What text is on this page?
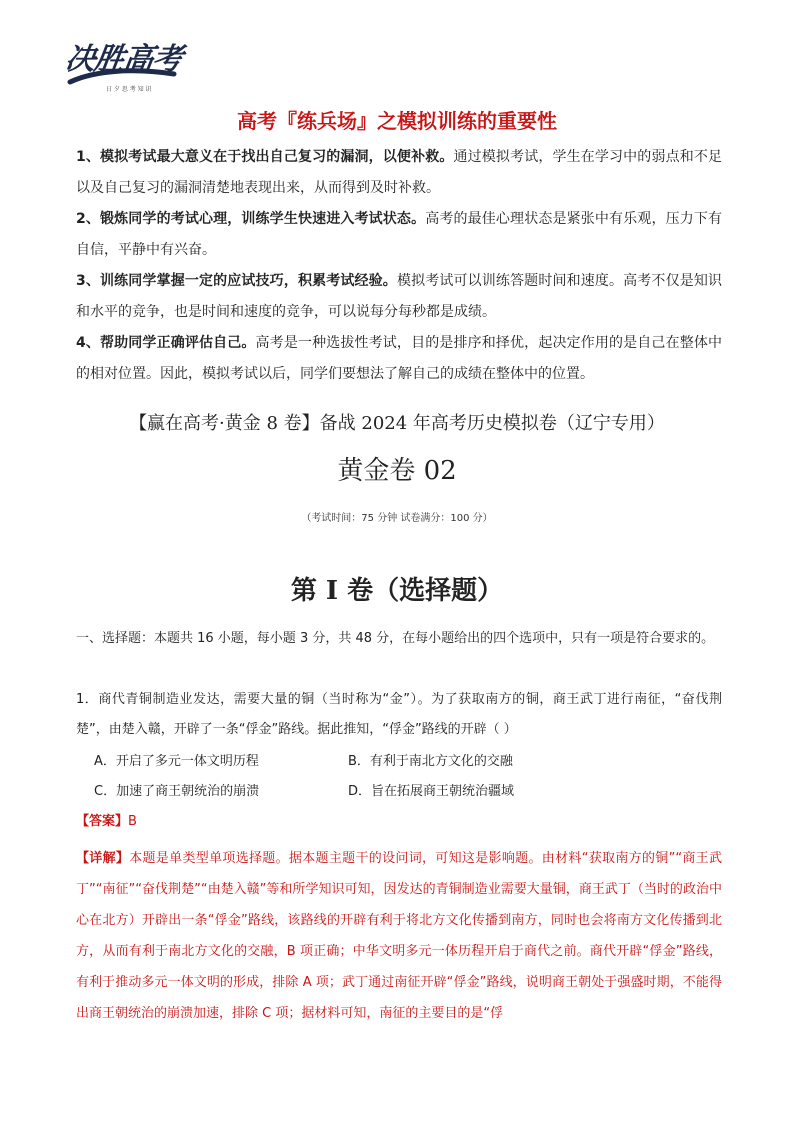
决胜高考
日 夕 思 考 知 识
高考『练兵场』之模拟训练的重要性

1、模拟考试最大意义在于找出自己复习的漏洞，以便补救。通过模拟考试，学生在学习中的弱点和不足以及自己复习的漏洞清楚地表现出来，从而得到及时补救。

2、锻炼同学的考试心理，训练学生快速进入考试状态。高考的最佳心理状态是紧张中有乐观，压力下有自信，平静中有兴奋。

3、训练同学掌握一定的应试技巧，积累考试经验。模拟考试可以训练答题时间和速度。高考不仅是知识和水平的竞争，也是时间和速度的竞争，可以说每分每秒都是成绩。

4、帮助同学正确评估自己。高考是一种选拔性考试，目的是排序和择优，起决定作用的是自己在整体中的相对位置。因此，模拟考试以后，同学们要想法了解自己的成绩在整体中的位置。

【赢在高考·黄金 8 卷】备战 2024 年高考历史模拟卷（辽宁专用）
黄金卷 02
（考试时间：75 分钟 试卷满分：100 分）
第 I 卷（选择题）

一、选择题：本题共 16 小题，每小题 3 分，共 48 分，在每小题给出的四个选项中，只有一项是符合要求的。

1．商代青铜制造业发达，需要大量的铜（当时称为“金”）。为了获取南方的铜，商王武丁进行南征，“奋伐荆楚”，由楚入赣，开辟了一条“俘金”路线。据此推知，“俘金”路线的开辟（ ）

A．开启了多元一体文明历程	B．有利于南北方文化的交融
C．加速了商王朝统治的崩溃	D．旨在拓展商王朝统治疆域
【答案】B

【详解】本题是单类型单项选择题。据本题主题干的设问词，可知这是影响题。由材料“获取南方的铜”“商王武丁”“南征”“奋伐荆楚”“由楚入赣”等和所学知识可知，因发达的青铜制造业需要大量铜，商王武丁（当时的政治中心在北方）开辟出一条“俘金”路线，该路线的开辟有利于将北方文化传播到南方，同时也会将南方文化传播到北方，从而有利于南北方文化的交融，B 项正确；中华文明多元一体历程开启于商代之前。商代开辟“俘金”路线，有利于推动多元一体文明的形成，排除 A 项；武丁通过南征开辟“俘金”路线，说明商王朝处于强盛时期，不能得出商王朝统治的崩溃加速，排除 C 项；据材料可知，南征的主要目的是“俘
